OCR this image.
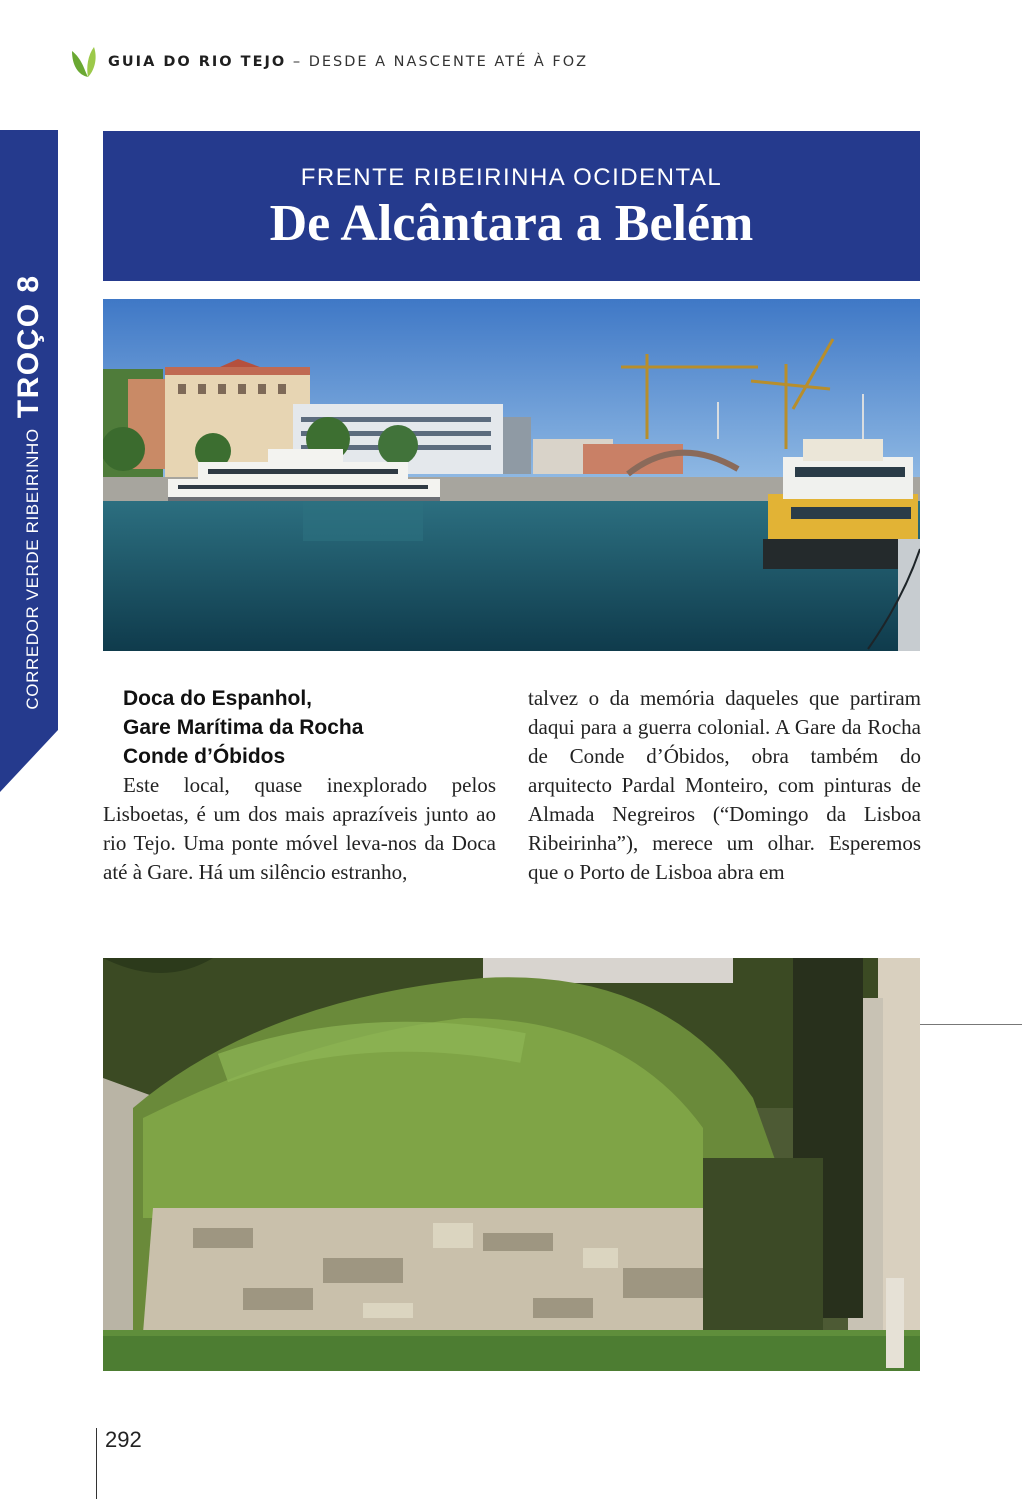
GUIA DO RIO TEJO – DESDE A NASCENTE ATÉ À FOZ
CORREDOR VERDE RIBEIRINHO
TROÇO 8
FRENTE RIBEIRINHA OCIDENTAL
De Alcântara a Belém
Doca do Espanhol,
Gare Marítima da Rocha
Conde d’Óbidos

Este local, quase inexplorado pelos Lisboetas, é um dos mais aprazíveis junto ao rio Tejo. Uma ponte móvel leva-nos da Doca até à Gare. Há um silêncio estranho,

talvez o da memória daqueles que partiram daqui para a guerra colonial. A Gare da Rocha de Conde d’Óbidos, obra também do arquitecto Pardal Monteiro, com pinturas de Almada Negreiros (“Domingo da Lisboa Ribeirinha”), merece um olhar. Esperemos que o Porto de Lisboa abra em

292
